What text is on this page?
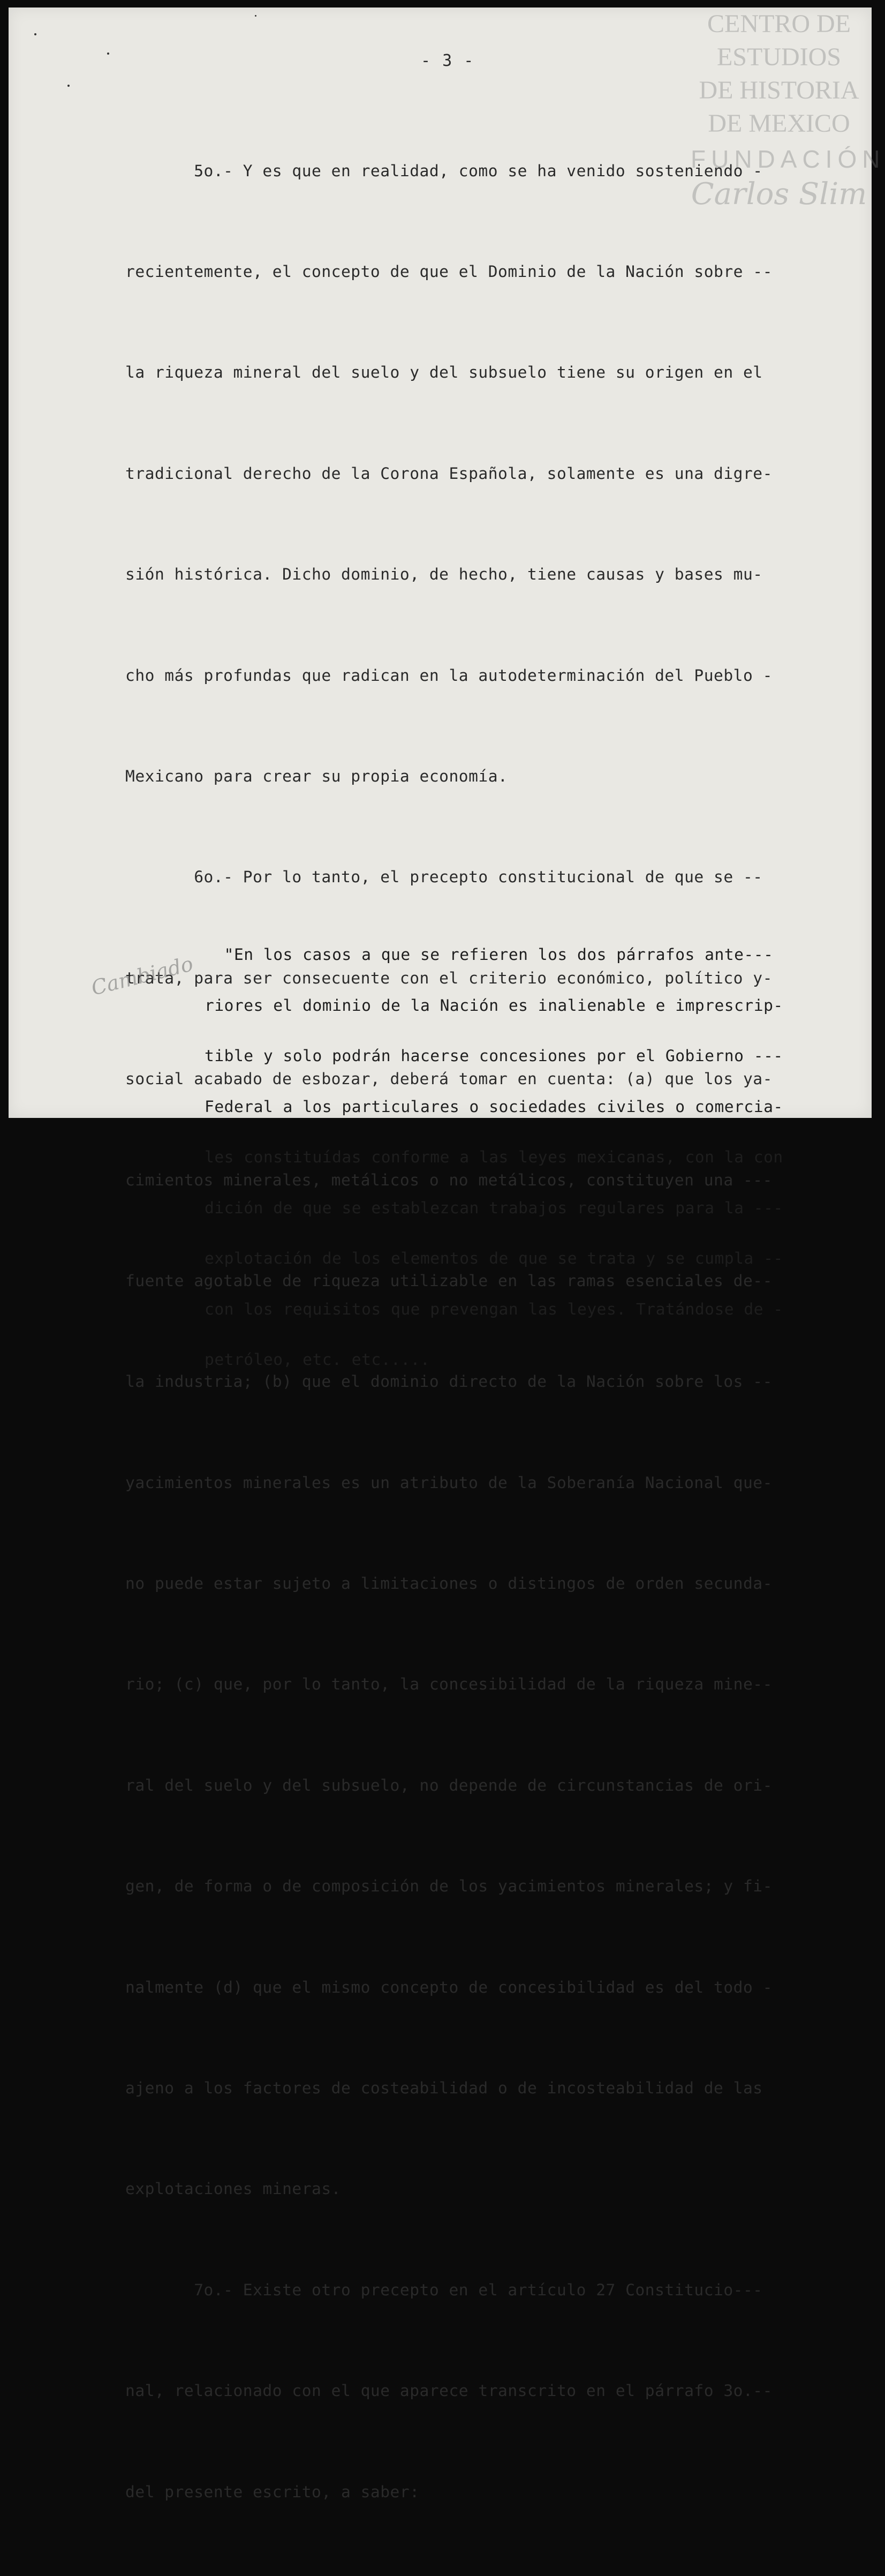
CENTRO DE
ESTUDIOS
DE HISTORIA
DE MEXICO
FUNDACIÓN
Carlos Slim
- 3 -

5o.- Y es que en realidad, como se ha venido sosteniendo -

recientemente, el concepto de que el Dominio de la Nación sobre --

la riqueza mineral del suelo y del subsuelo tiene su origen en el

tradicional derecho de la Corona Española, solamente es una digre-

sión histórica. Dicho dominio, de hecho, tiene causas y bases mu-

cho más profundas que radican en la autodeterminación del Pueblo -

Mexicano para crear su propia economía.

6o.- Por lo tanto, el precepto constitucional de que se --

trata, para ser consecuente con el criterio económico, político y-

social acabado de esbozar, deberá tomar en cuenta: (a) que los ya-

cimientos minerales, metálicos o no metálicos, constituyen una ---

fuente agotable de riqueza utilizable en las ramas esenciales de--

la industria; (b) que el dominio directo de la Nación sobre los --

yacimientos minerales es un atributo de la Soberanía Nacional que-

no puede estar sujeto a limitaciones o distingos de orden secunda-

rio; (c) que, por lo tanto, la concesibilidad de la riqueza mine--

ral del suelo y del subsuelo, no depende de circunstancias de ori-

gen, de forma o de composición de los yacimientos minerales; y fi-

nalmente (d) que el mismo concepto de concesibilidad es del todo -

ajeno a los factores de costeabilidad o de incosteabilidad de las

explotaciones mineras.

7o.- Existe otro precepto en el artículo 27 Constitucio---

nal, relacionado con el que aparece transcrito en el párrafo 3o.--

del presente escrito, a saber:

"En los casos a que se refieren los dos párrafos ante---

riores el dominio de la Nación es inalienable e imprescrip-

tible y solo podrán hacerse concesiones por el Gobierno ---

Federal a los particulares o sociedades civiles o comercia-

les constituídas conforme a las leyes mexicanas, con la con

dición de que se establezcan trabajos regulares para la ---

explotación de los elementos de que se trata y se cumpla --

con los requisitos que prevengan las leyes. Tratándose de -

petróleo, etc. etc.....

Cambiado
